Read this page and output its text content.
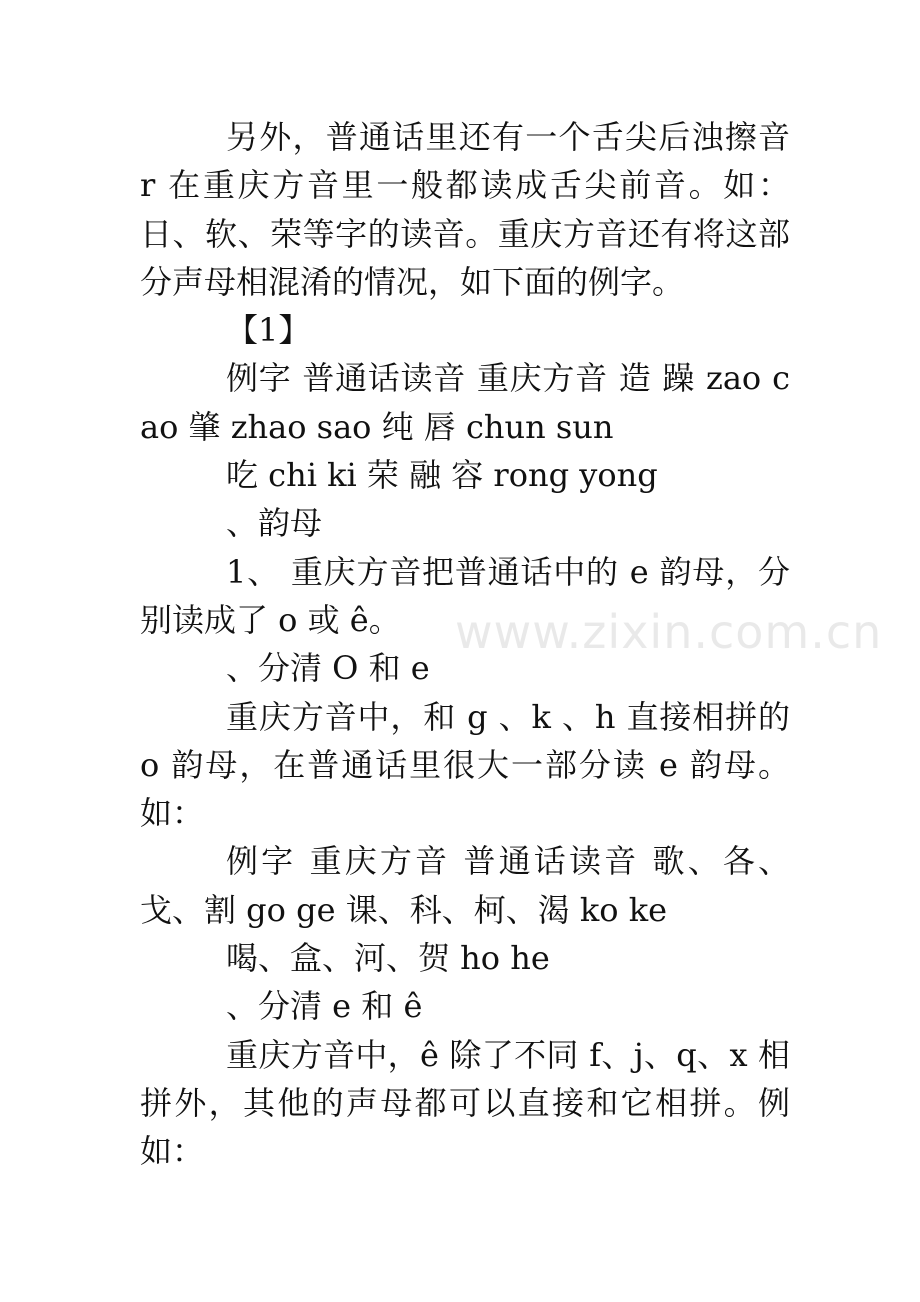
另外，普通话里还有一个舌尖后浊擦音 r 在重庆方音里一般都读成舌尖前音。如：日、软、荣等字的读音。重庆方音还有将这部分声母相混淆的情况，如下面的例字。

【1】

例字 普通话读音 重庆方音 造 躁 zao cao 肇 zhao sao 纯 唇 chun sun

吃 chi ki 荣 融 容 rong yong

、韵母

1、 重庆方音把普通话中的 e 韵母，分别读成了 o 或 ê。

、分清 O 和 e

重庆方音中，和 g 、k 、h 直接相拼的 o 韵母，在普通话里很大一部分读 e 韵母。如：

例字 重庆方音 普通话读音 歌、各、戈、割 go ge 课、科、柯、渴 ko ke

喝、盒、河、贺 ho he

、分清 e 和 ê

重庆方音中，ê 除了不同 f、j、q、x 相拼外，其他的声母都可以直接和它相拼。例如：

www.zixin.com.cn
